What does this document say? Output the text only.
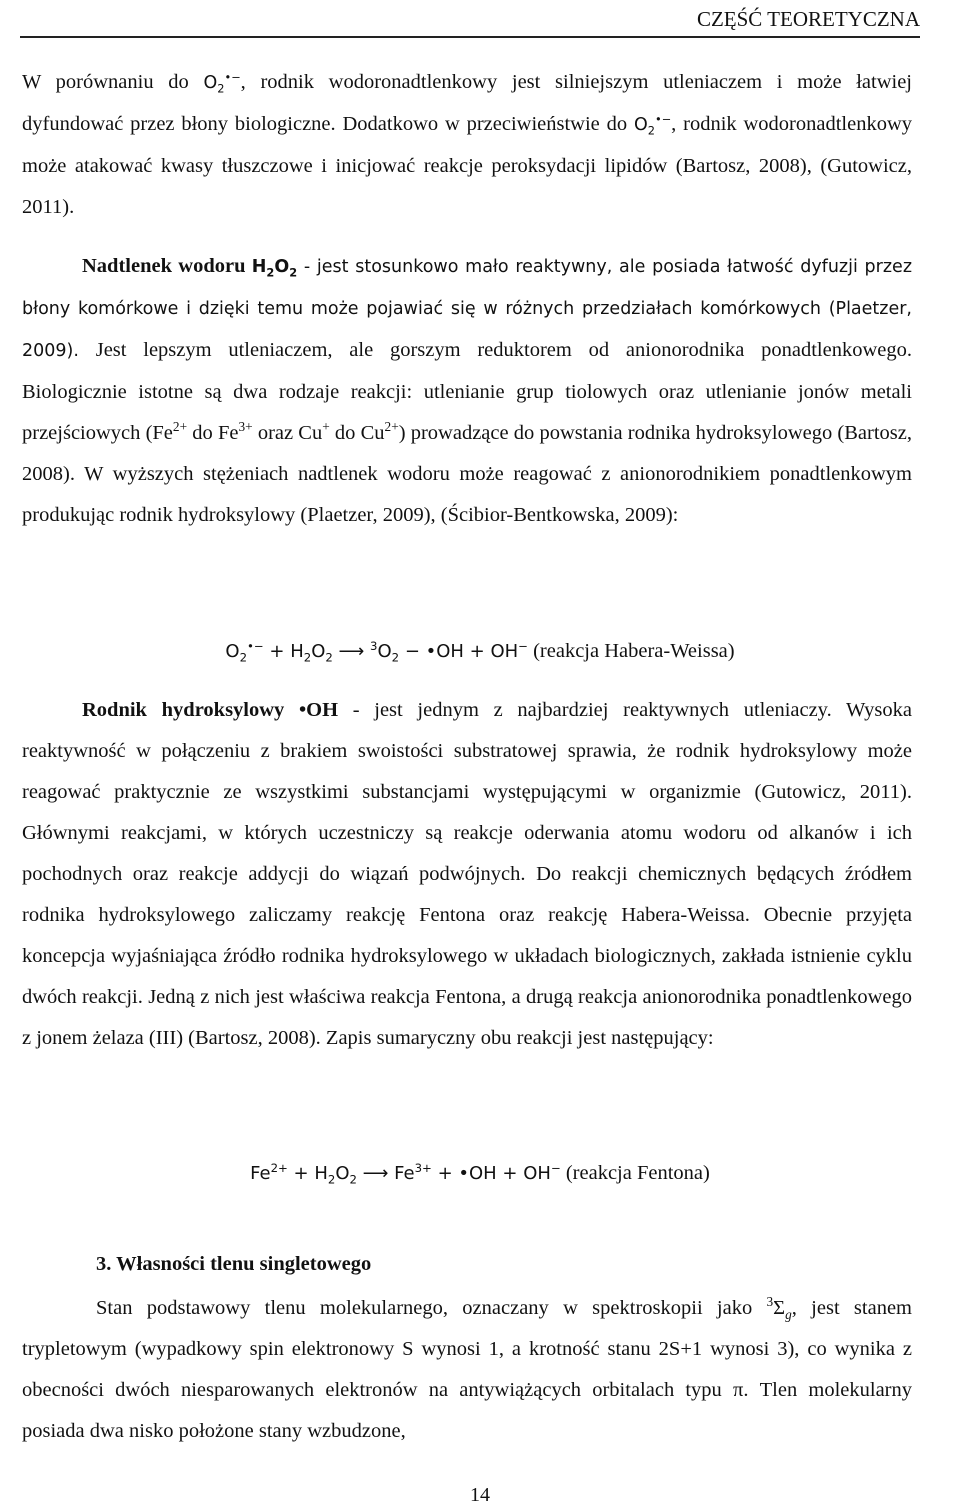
CZĘŚĆ TEORETYCZNA

W porównaniu do $O_2^{•-}$, rodnik wodoronadtlenkowy jest silniejszym utleniaczem i może łatwiej dyfundować przez błony biologiczne. Dodatkowo w przeciwieństwie do $O_2^{•-}$, rodnik wodoronadtlenkowy może atakować kwasy tłuszczowe i inicjować reakcje peroksydacji lipidów (Bartosz, 2008), (Gutowicz, 2011).

Nadtlenek wodoru $H_2O_2$ - jest stosunkowo mało reaktywny, ale posiada łatwość dyfuzji przez błony komórkowe i dzięki temu może pojawiać się w różnych przedziałach komórkowych (Plaetzer, 2009). Jest lepszym utleniaczem, ale gorszym reduktorem od anionorodnika ponadtlenkowego. Biologicznie istotne są dwa rodzaje reakcji: utlenianie grup tiolowych oraz utlenianie jonów metali przejściowych ($Fe^{2+}$ do $Fe^{3+}$ oraz Cu+ do $Cu^{2+}$) prowadzące do powstania rodnika hydroksylowego (Bartosz, 2008). W wyższych stężeniach nadtlenek wodoru może reagować z anionorodnikiem ponadtlenkowym produkując rodnik hydroksylowy (Plaetzer, 2009), (Ścibior-Bentkowska, 2009):

$O_2^{•-} + H_2O_2$ ⟶ $^3O_2$ − •OH + OH− (reakcja Habera-Weissa)

Rodnik hydroksylowy •OH - jest jednym z najbardziej reaktywnych utleniaczy. Wysoka reaktywność w połączeniu z brakiem swoistości substratowej sprawia, że rodnik hydroksylowy może reagować praktycznie ze wszystkimi substancjami występującymi w organizmie (Gutowicz, 2011). Głównymi reakcjami, w których uczestniczy są reakcje oderwania atomu wodoru od alkanów i ich pochodnych oraz reakcje addycji do wiązań podwójnych. Do reakcji chemicznych będących źródłem rodnika hydroksylowego zaliczamy reakcję Fentona oraz reakcję Habera-Weissa. Obecnie przyjęta koncepcja wyjaśniająca źródło rodnika hydroksylowego w układach biologicznych, zakłada istnienie cyklu dwóch reakcji. Jedną z nich jest właściwa reakcja Fentona, a drugą reakcja anionorodnika ponadtlenkowego z jonem żelaza (III) (Bartosz, 2008). Zapis sumaryczny obu reakcji jest następujący:

$Fe^{2+} + H_2O_2$ ⟶ $Fe^{3+}$ + •OH + OH− (reakcja Fentona)

3. Własności tlenu singletowego

Stan podstawowy tlenu molekularnego, oznaczany w spektroskopii jako $^3\Sigma_g$, jest stanem trypletowym (wypadkowy spin elektronowy S wynosi 1, a krotność stanu 2S+1 wynosi 3), co wynika z obecności dwóch niesparowanych elektronów na antywiążących orbitalach typu π. Tlen molekularny posiada dwa nisko położone stany wzbudzone,

14
